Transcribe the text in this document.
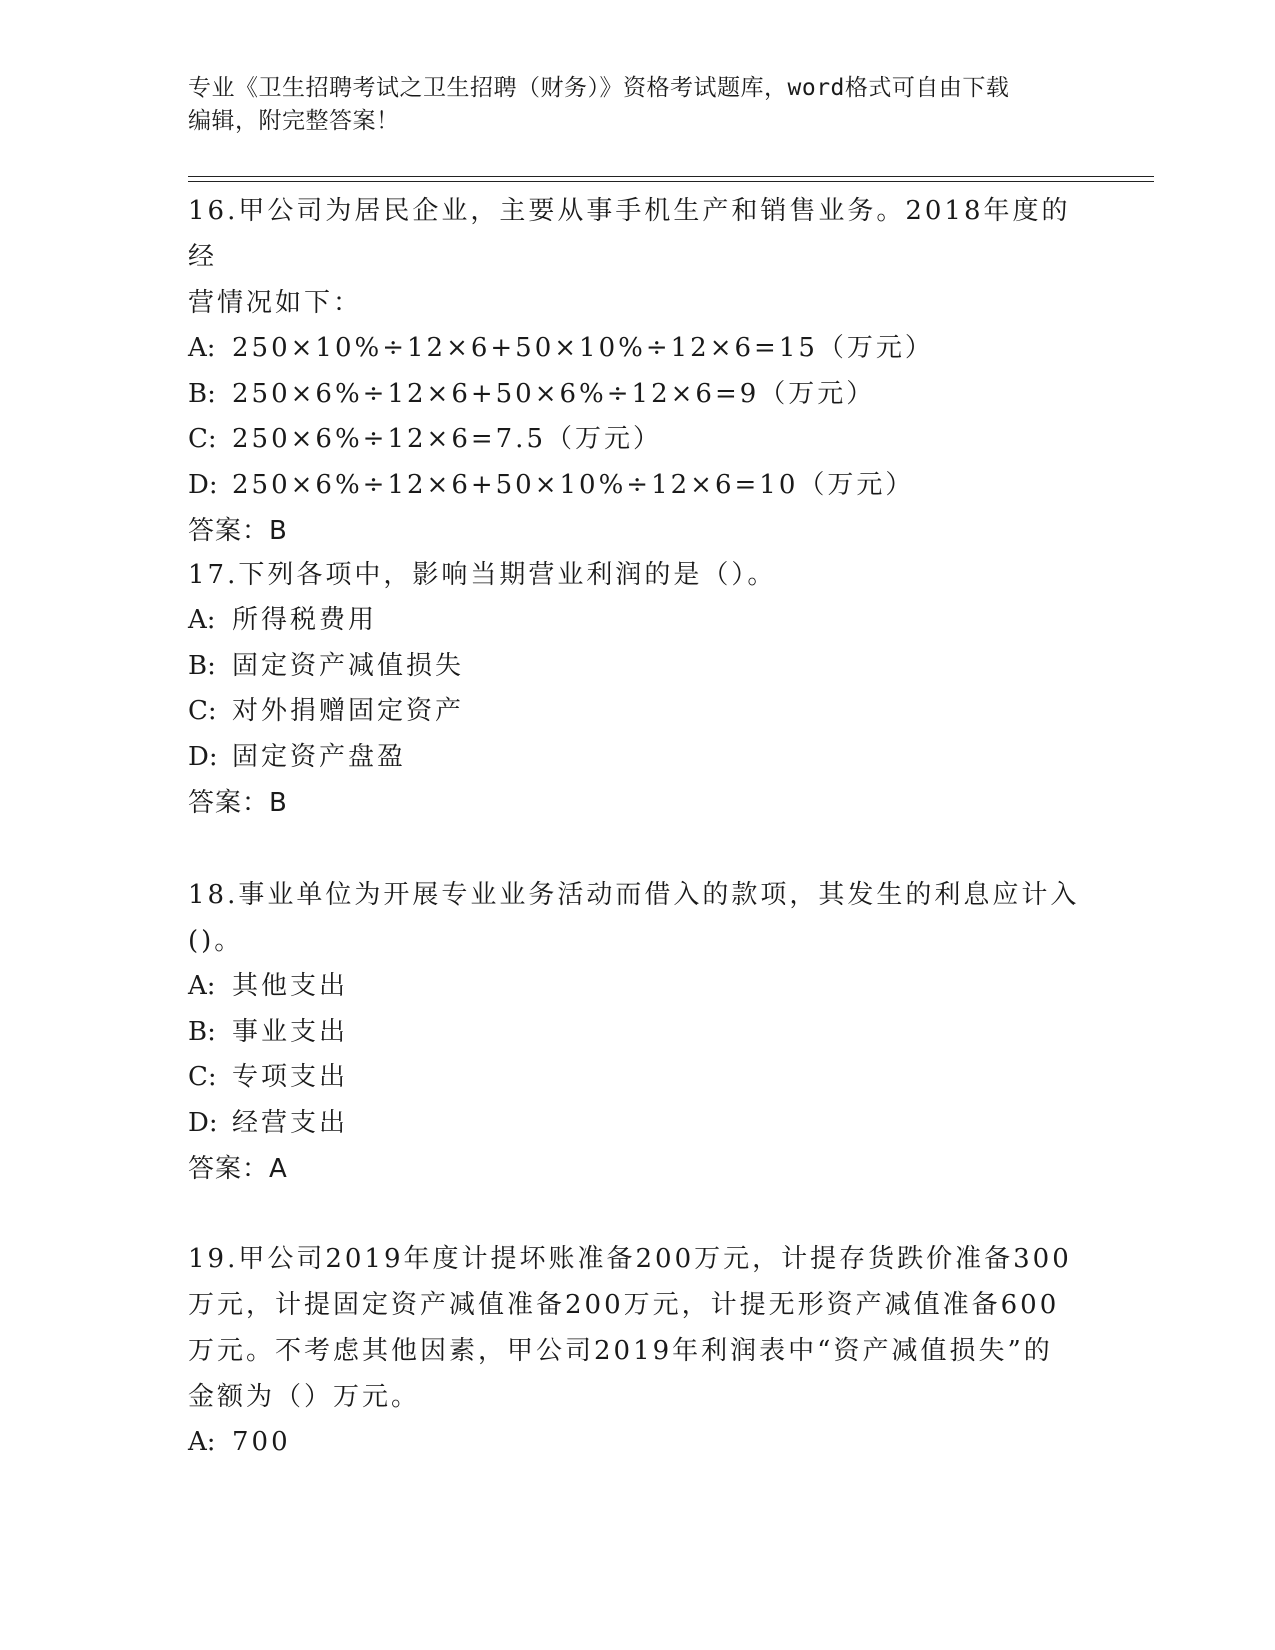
专业《卫生招聘考试之卫生招聘（财务）》资格考试题库，word格式可自由下载
编辑，附完整答案！

16.甲公司为居民企业，主要从事手机生产和销售业务。2018年度的经

营情况如下：

A: 250×10%÷12×6+50×10%÷12×6=15（万元）

B: 250×6%÷12×6+50×6%÷12×6=9（万元）

C: 250×6%÷12×6=7.5（万元）

D: 250×6%÷12×6+50×10%÷12×6=10（万元）

答案：B

17.下列各项中，影响当期营业利润的是（）。

A: 所得税费用

B: 固定资产减值损失

C: 对外捐赠固定资产

D: 固定资产盘盈

答案：B

18.事业单位为开展专业业务活动而借入的款项，其发生的利息应计入

()。

A: 其他支出

B: 事业支出

C: 专项支出

D: 经营支出

答案：A

19.甲公司2019年度计提坏账准备200万元，计提存货跌价准备300

万元，计提固定资产减值准备200万元，计提无形资产减值准备600

万元。不考虑其他因素，甲公司2019年利润表中“资产减值损失”的

金额为（）万元。

A: 700
